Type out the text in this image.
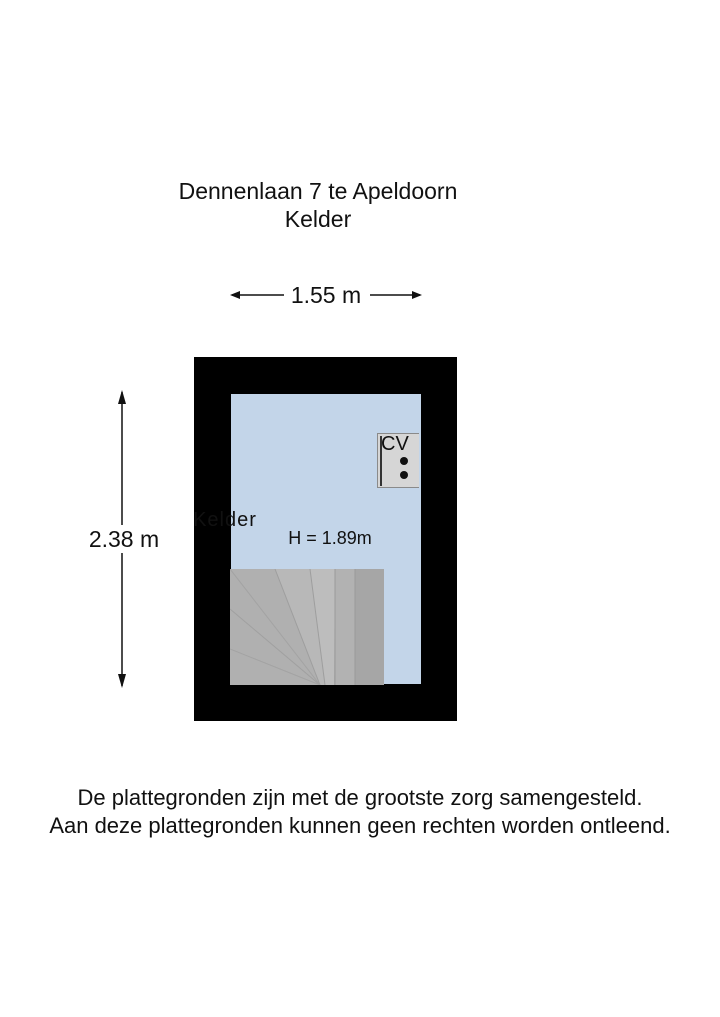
Dennenlaan 7 te Apeldoorn
Kelder
1.55 m
2.38 m
CV
Kelder
H = 1.89m
De plattegronden zijn met de grootste zorg samengesteld.
Aan deze plattegronden kunnen geen rechten worden ontleend.
